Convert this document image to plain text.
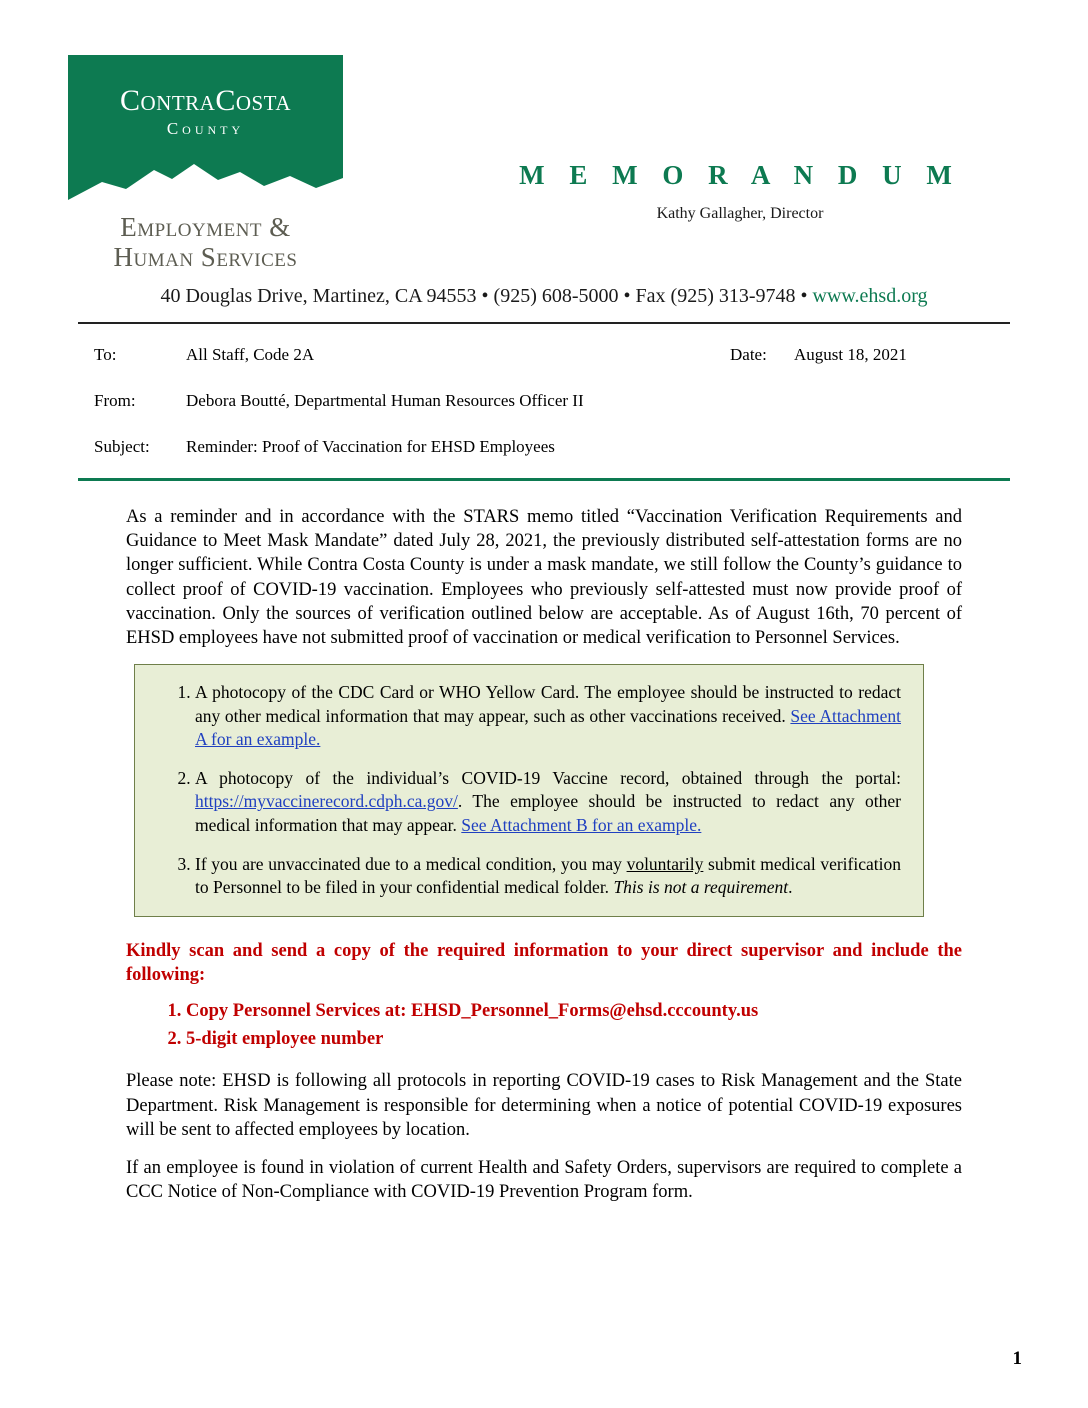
ContraCosta
County
Employment &
Human Services
M E M O R A N D U M
Kathy Gallagher, Director
40 Douglas Drive, Martinez, CA 94553 • (925) 608-5000 • Fax (925) 313-9748 • www.ehsd.org
To:	All Staff, Code 2A	Date: August 18, 2021
From:	Debora Boutté, Departmental Human Resources Officer II
Subject:	Reminder: Proof of Vaccination for EHSD Employees

As a reminder and in accordance with the STARS memo titled “Vaccination Verification Requirements and Guidance to Meet Mask Mandate” dated July 28, 2021, the previously distributed self-attestation forms are no longer sufficient. While Contra Costa County is under a mask mandate, we still follow the County’s guidance to collect proof of COVID-19 vaccination. Employees who previously self-attested must now provide proof of vaccination. Only the sources of verification outlined below are acceptable. As of August 16th, 70 percent of EHSD employees have not submitted proof of vaccination or medical verification to Personnel Services.

1. A photocopy of the CDC Card or WHO Yellow Card. The employee should be instructed to redact any other medical information that may appear, such as other vaccinations received. See Attachment A for an example.
2. A photocopy of the individual’s COVID-19 Vaccine record, obtained through the portal: https://myvaccinerecord.cdph.ca.gov/. The employee should be instructed to redact any other medical information that may appear. See Attachment B for an example.
3. If you are unvaccinated due to a medical condition, you may voluntarily submit medical verification to Personnel to be filed in your confidential medical folder. This is not a requirement.

Kindly scan and send a copy of the required information to your direct supervisor and include the following:

1. Copy Personnel Services at: EHSD_Personnel_Forms@ehsd.cccounty.us
2. 5-digit employee number

Please note: EHSD is following all protocols in reporting COVID-19 cases to Risk Management and the State Department. Risk Management is responsible for determining when a notice of potential COVID-19 exposures will be sent to affected employees by location.

If an employee is found in violation of current Health and Safety Orders, supervisors are required to complete a CCC Notice of Non-Compliance with COVID-19 Prevention Program form.

1
